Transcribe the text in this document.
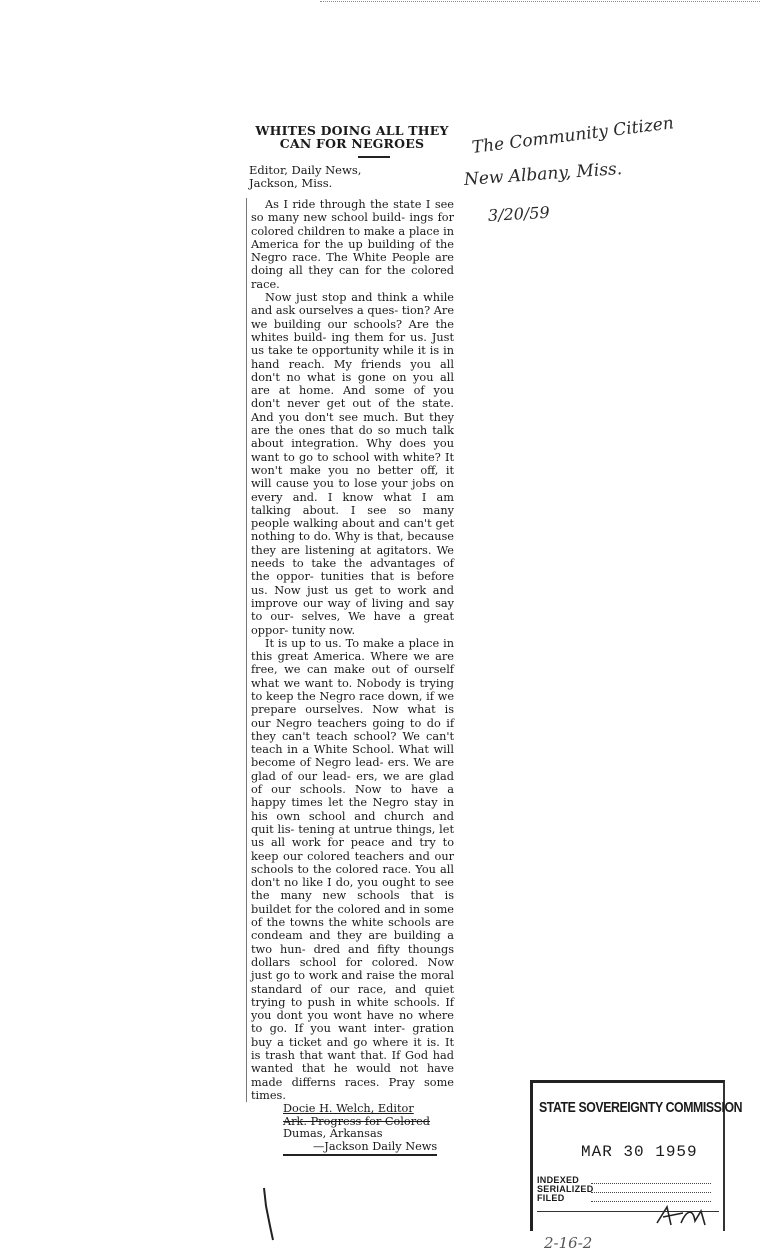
WHITES DOING ALL THEY
CAN FOR NEGROES
Editor, Daily News,
Jackson, Miss.

As I ride through the state I see so many new school build- ings for colored children to make a place in America for the up building of the Negro race. The White People are doing all they can for the colored race.

Now just stop and think a while and ask ourselves a ques- tion? Are we building our schools? Are the whites build- ing them for us. Just us take te opportunity while it is in hand reach. My friends you all don't no what is gone on you all are at home. And some of you don't never get out of the state. And you don't see much. But they are the ones that do so much talk about integration. Why does you want to go to school with white? It won't make you no better off, it will cause you to lose your jobs on every and. I know what I am talking about. I see so many people walking about and can't get nothing to do. Why is that, because they are listening at agitators. We needs to take the advantages of the oppor- tunities that is before us. Now just us get to work and improve our way of living and say to our- selves, We have a great oppor- tunity now.

It is up to us. To make a place in this great America. Where we are free, we can make out of ourself what we want to. Nobody is trying to keep the Negro race down, if we prepare ourselves. Now what is our Negro teachers going to do if they can't teach school? We can't teach in a White School. What will become of Negro lead- ers. We are glad of our lead- ers, we are glad of our schools. Now to have a happy times let the Negro stay in his own school and church and quit lis- tening at untrue things, let us all work for peace and try to keep our colored teachers and our schools to the colored race. You all don't no like I do, you ought to see the many new schools that is buildet for the colored and in some of the towns the white schools are condeam and they are building a two hun- dred and fifty thoungs dollars school for colored. Now just go to work and raise the moral standard of our race, and quiet trying to push in white schools. If you dont you wont have no where to go. If you want inter- gration buy a ticket and go where it is. It is trash that want that. If God had wanted that he would not have made differns races. Pray some times.

Docie H. Welch, Editor
Ark. Progress for Colored
Dumas, Arkansas
—Jackson Daily News
The Community Citizen
New Albany, Miss.
3/20/59
STATE SOVEREIGNTY COMMISSION
MAR 30 1959
INDEXED
SERIALIZED
FILED
2-16-2
